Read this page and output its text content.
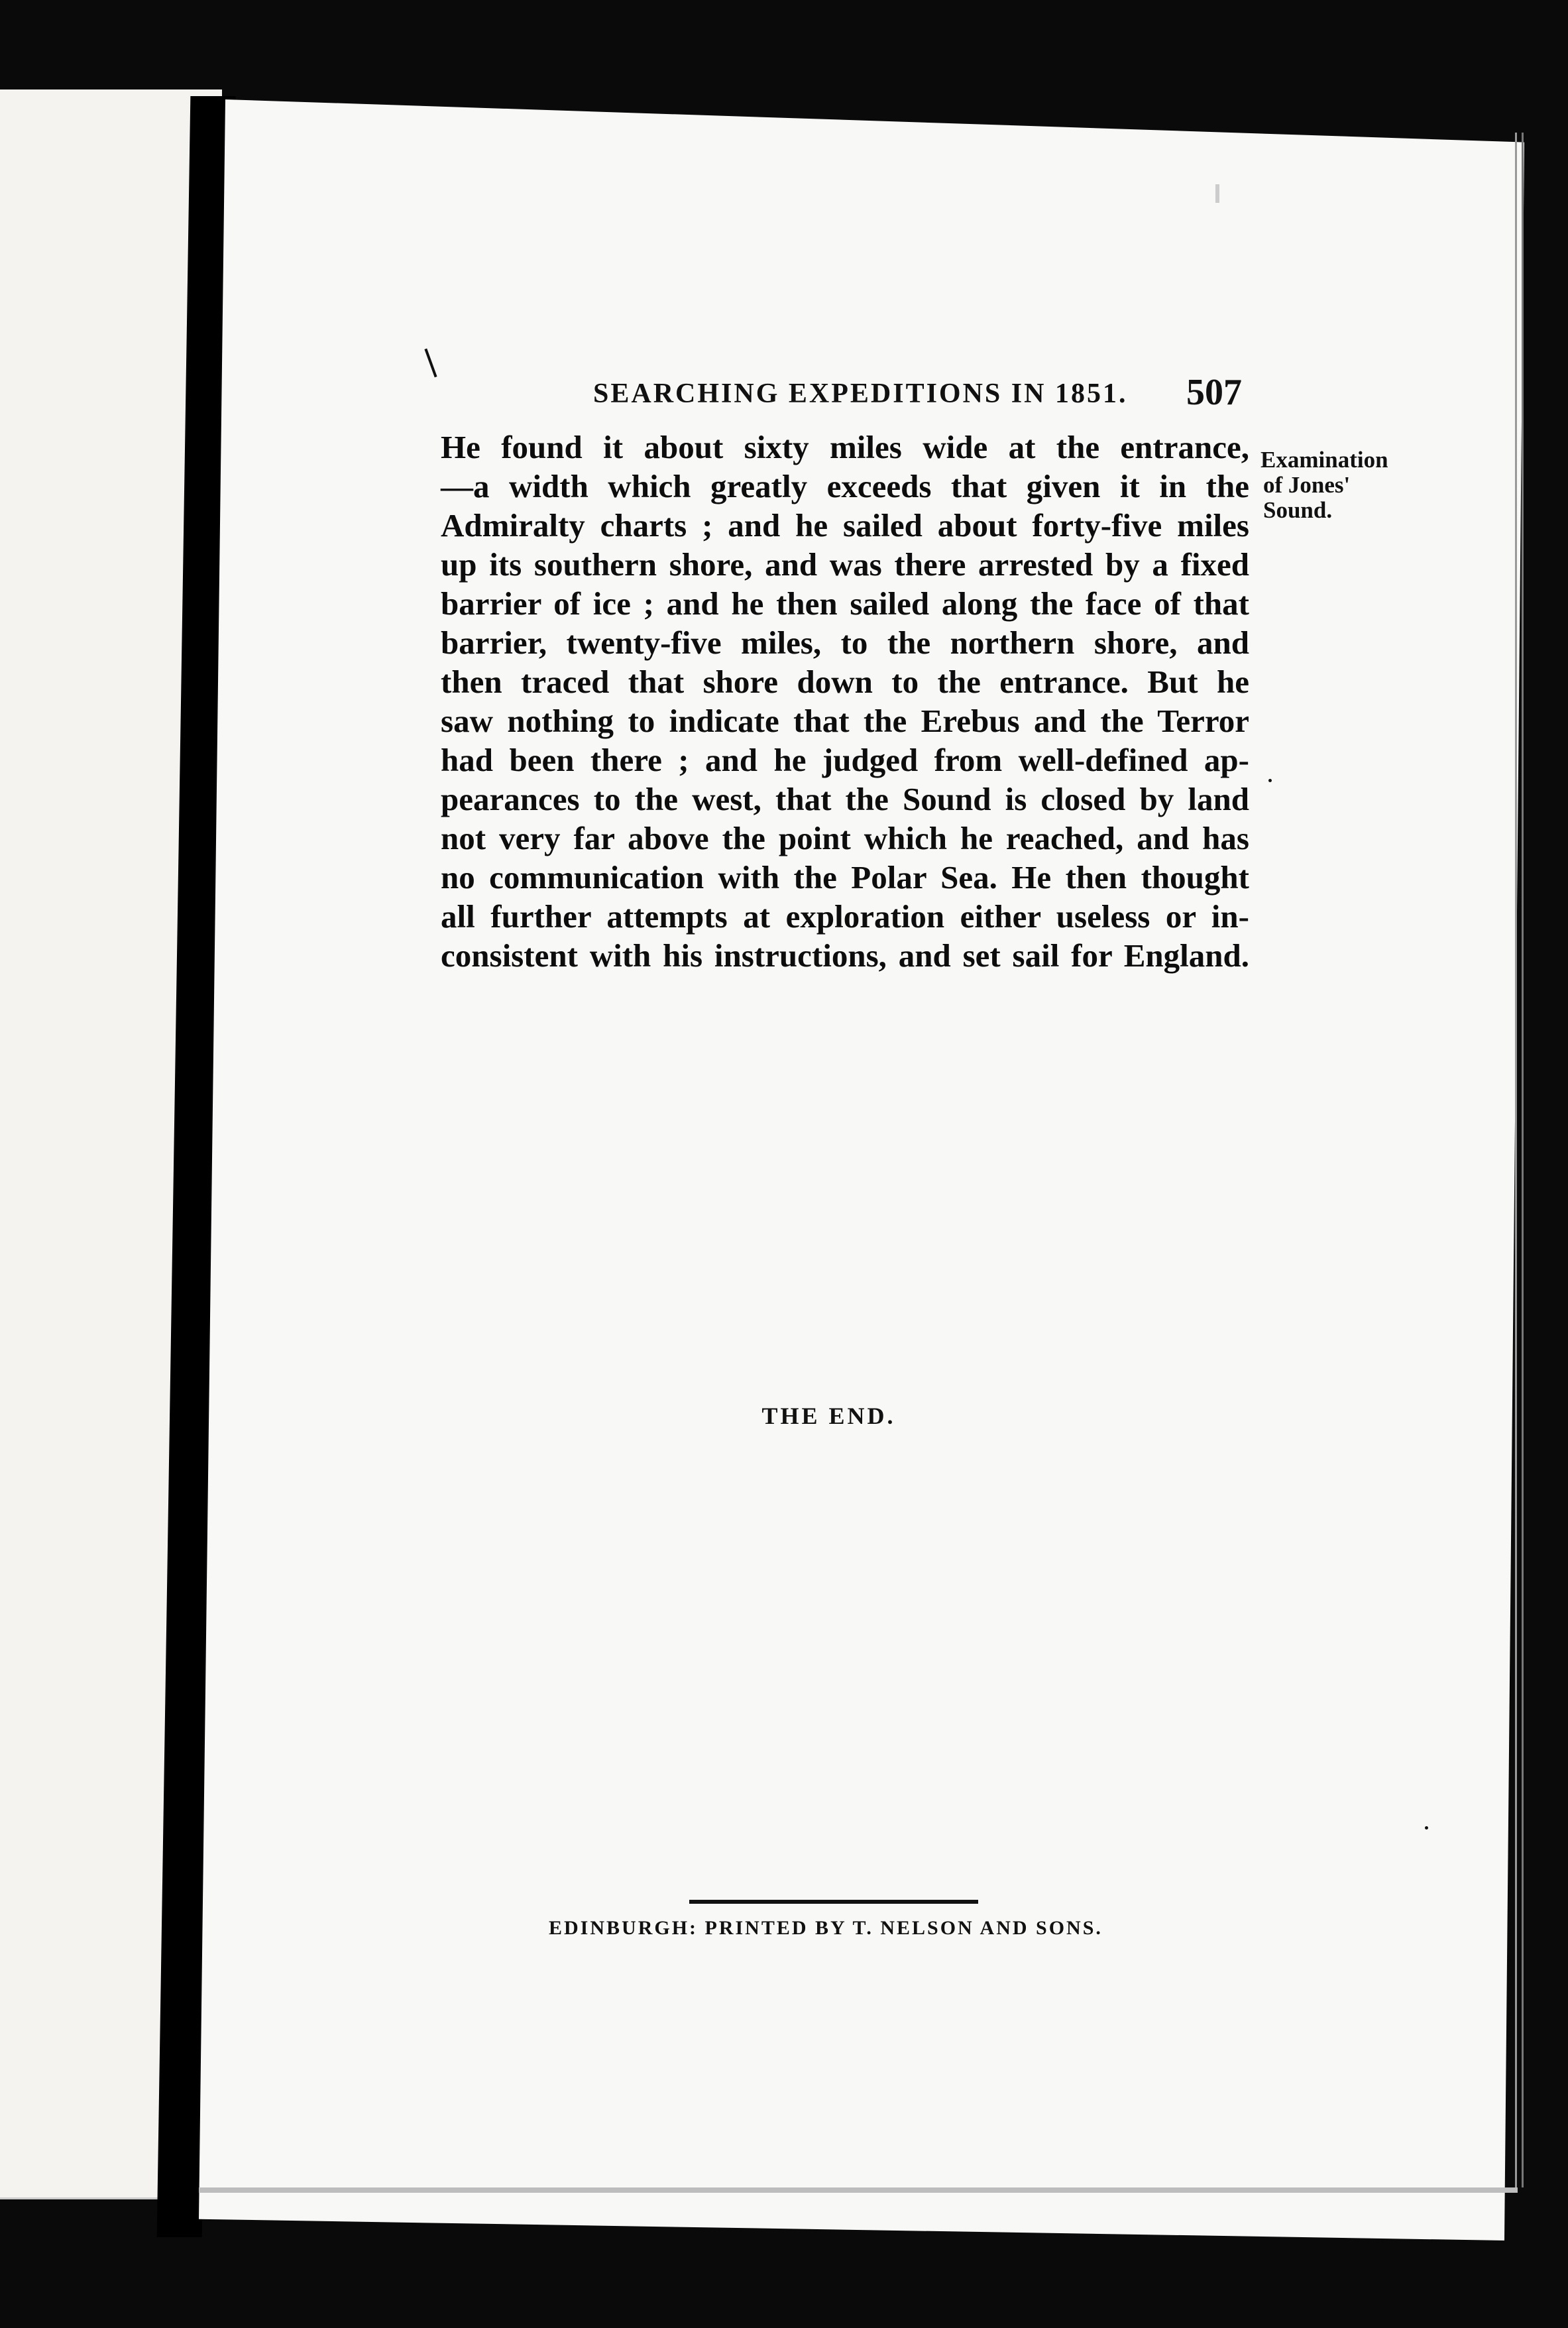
SEARCHING EXPEDITIONS IN 1851. 507
Examination
of Jones'
Sound.
He found it about sixty miles wide at the entrance,
—a width which greatly exceeds that given it in the
Admiralty charts ; and he sailed about forty-five miles
up its southern shore, and was there arrested by a fixed
barrier of ice ; and he then sailed along the face of that
barrier, twenty-five miles, to the northern shore, and
then traced that shore down to the entrance. But he
saw nothing to indicate that the Erebus and the Terror
had been there ; and he judged from well-defined ap-
pearances to the west, that the Sound is closed by land
not very far above the point which he reached, and has
no communication with the Polar Sea. He then thought
all further attempts at exploration either useless or in-
consistent with his instructions, and set sail for England.
THE END.
EDINBURGH: PRINTED BY T. NELSON AND SONS.
